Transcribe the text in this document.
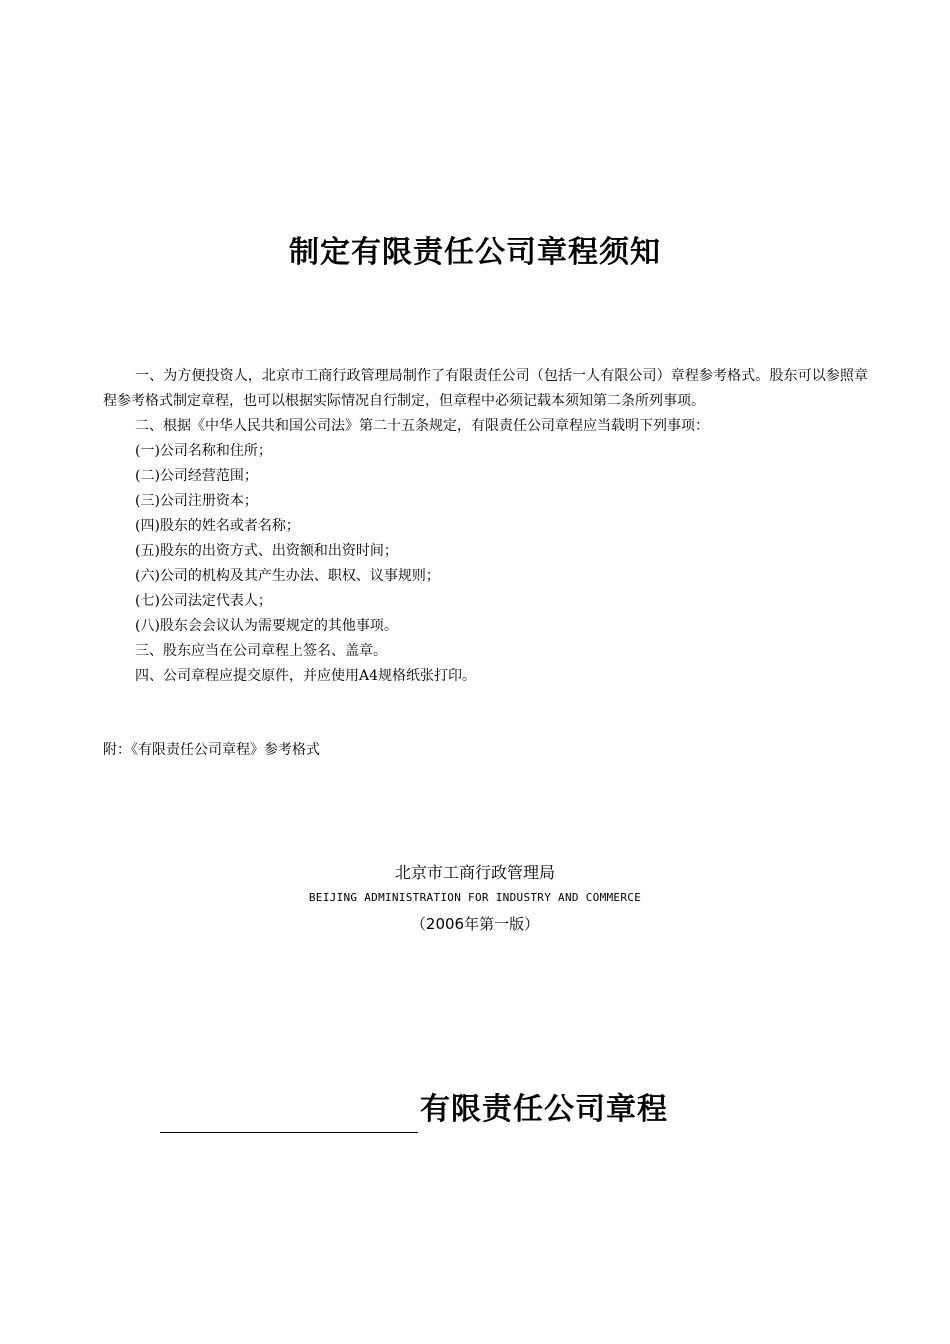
制定有限责任公司章程须知

一、为方便投资人，北京市工商行政管理局制作了有限责任公司（包括一人有限公司）章程参考格式。股东可以参照章程参考格式制定章程，也可以根据实际情况自行制定，但章程中必须记载本须知第二条所列事项。

二、根据《中华人民共和国公司法》第二十五条规定，有限责任公司章程应当载明下列事项：

(一)公司名称和住所；

(二)公司经营范围；

(三)公司注册资本；

(四)股东的姓名或者名称；

(五)股东的出资方式、出资额和出资时间；

(六)公司的机构及其产生办法、职权、议事规则；

(七)公司法定代表人；

(八)股东会会议认为需要规定的其他事项。

三、股东应当在公司章程上签名、盖章。

四、公司章程应提交原件，并应使用A4规格纸张打印。

附：《有限责任公司章程》参考格式
北京市工商行政管理局
BEIJING ADMINISTRATION FOR INDUSTRY AND COMMERCE
（2006年第一版）
有限责任公司章程
